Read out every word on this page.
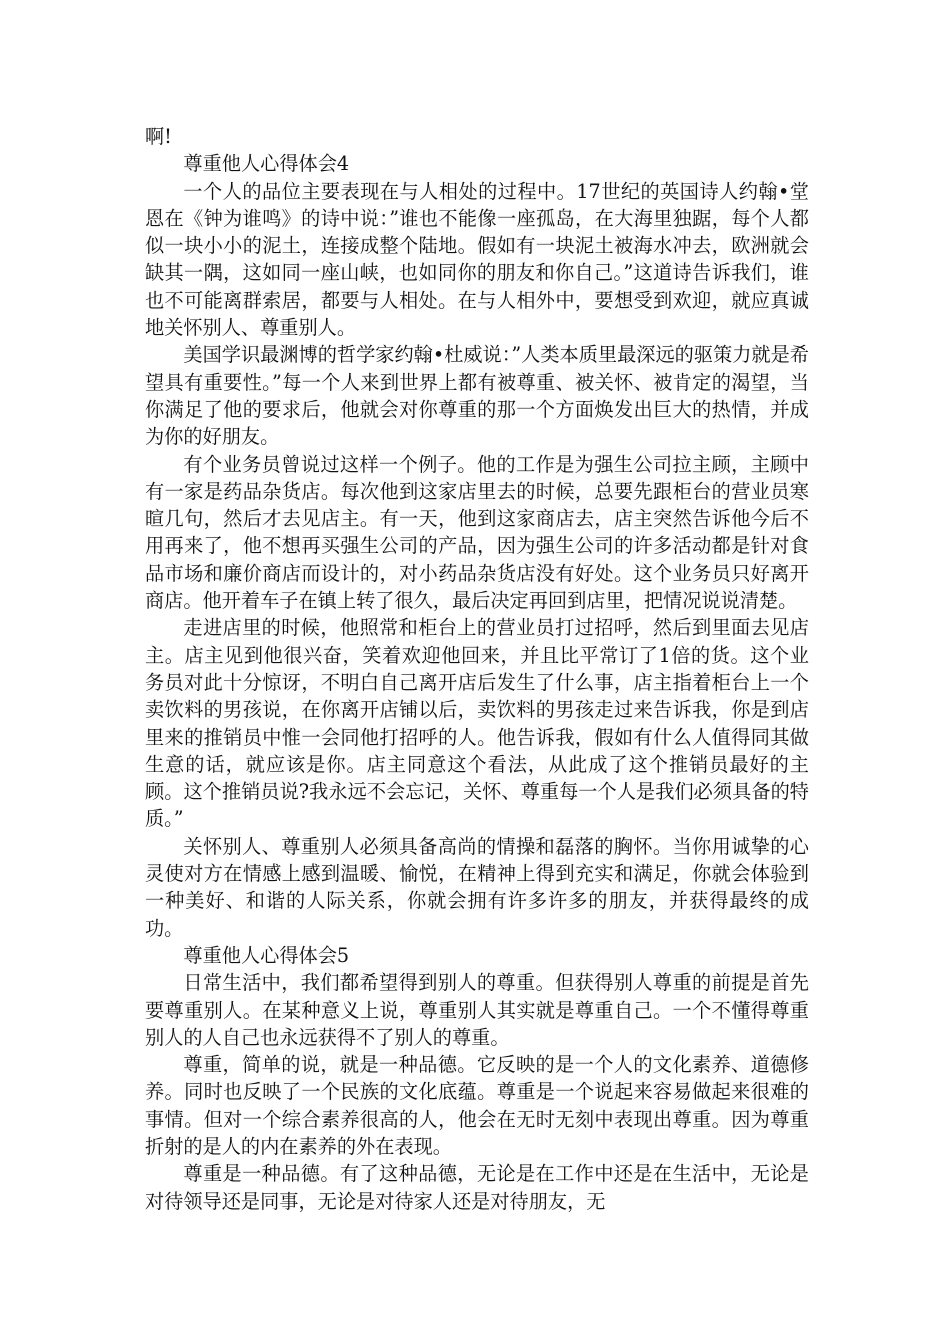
啊!

尊重他人心得体会4

一个人的品位主要表现在与人相处的过程中。17世纪的英国诗人约翰•堂恩在《钟为谁鸣》的诗中说：”谁也不能像一座孤岛，在大海里独踞，每个人都似一块小小的泥土，连接成整个陆地。假如有一块泥土被海水冲去，欧洲就会缺其一隅，这如同一座山峡，也如同你的朋友和你自己。”这道诗告诉我们，谁也不可能离群索居，都要与人相处。在与人相外中，要想受到欢迎，就应真诚地关怀别人、尊重别人。

美国学识最渊博的哲学家约翰•杜威说：”人类本质里最深远的驱策力就是希望具有重要性。”每一个人来到世界上都有被尊重、被关怀、被肯定的渴望，当你满足了他的要求后，他就会对你尊重的那一个方面焕发出巨大的热情，并成为你的好朋友。

有个业务员曾说过这样一个例子。他的工作是为强生公司拉主顾，主顾中有一家是药品杂货店。每次他到这家店里去的时候，总要先跟柜台的营业员寒暄几句，然后才去见店主。有一天，他到这家商店去，店主突然告诉他今后不用再来了，他不想再买强生公司的产品，因为强生公司的许多活动都是针对食品市场和廉价商店而设计的，对小药品杂货店没有好处。这个业务员只好离开商店。他开着车子在镇上转了很久，最后决定再回到店里，把情况说说清楚。

走进店里的时候，他照常和柜台上的营业员打过招呼，然后到里面去见店主。店主见到他很兴奋，笑着欢迎他回来，并且比平常订了1倍的货。这个业务员对此十分惊讶，不明白自己离开店后发生了什么事，店主指着柜台上一个卖饮料的男孩说，在你离开店铺以后，卖饮料的男孩走过来告诉我，你是到店里来的推销员中惟一会同他打招呼的人。他告诉我，假如有什么人值得同其做生意的话，就应该是你。店主同意这个看法，从此成了这个推销员最好的主顾。这个推销员说?我永远不会忘记，关怀、尊重每一个人是我们必须具备的特质。”

关怀别人、尊重别人必须具备高尚的情操和磊落的胸怀。当你用诚挚的心灵使对方在情感上感到温暖、愉悦，在精神上得到充实和满足，你就会体验到一种美好、和谐的人际关系，你就会拥有许多许多的朋友，并获得最终的成功。

尊重他人心得体会5

日常生活中，我们都希望得到别人的尊重。但获得别人尊重的前提是首先要尊重别人。在某种意义上说，尊重别人其实就是尊重自己。一个不懂得尊重别人的人自己也永远获得不了别人的尊重。

尊重，简单的说，就是一种品德。它反映的是一个人的文化素养、道德修养。同时也反映了一个民族的文化底蕴。尊重是一个说起来容易做起来很难的事情。但对一个综合素养很高的人，他会在无时无刻中表现出尊重。因为尊重折射的是人的内在素养的外在表现。

尊重是一种品德。有了这种品德，无论是在工作中还是在生活中，无论是对待领导还是同事，无论是对待家人还是对待朋友，无
